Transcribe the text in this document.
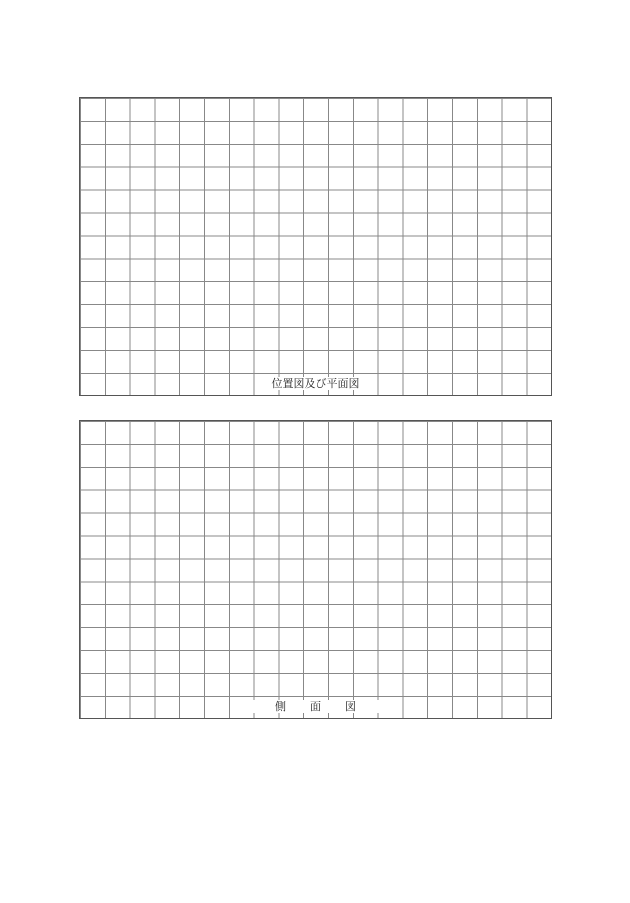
位置図及び平面図
側面図
